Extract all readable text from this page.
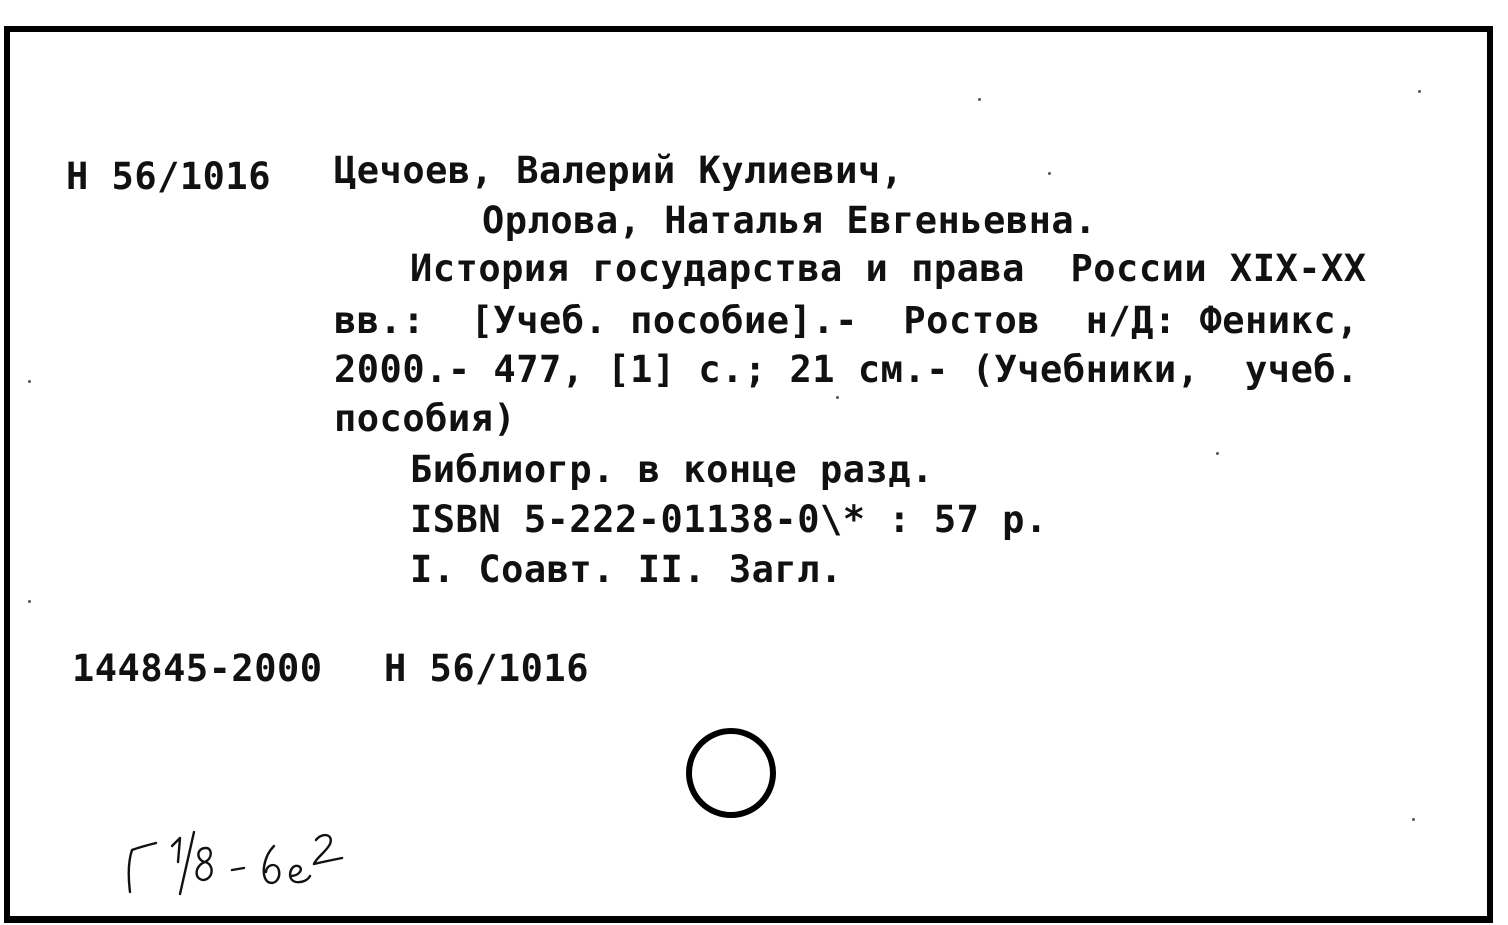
Н 56/1016 Цечоев, Валерий Кулиевич,
Орлова, Наталья Евгеньевна.
История государства и права  России XIX-XX
вв.:  [Учеб. пособие].-  Ростов  н/Д: Феникс,
2000.- 477, [1] с.; 21 см.- (Учебники,  учеб.
пособия)
Библиогр. в конце разд.
ISBN 5-222-01138-0\* : 57 р.
I. Соавт. II. Загл.
144845-2000 Н 56/1016
